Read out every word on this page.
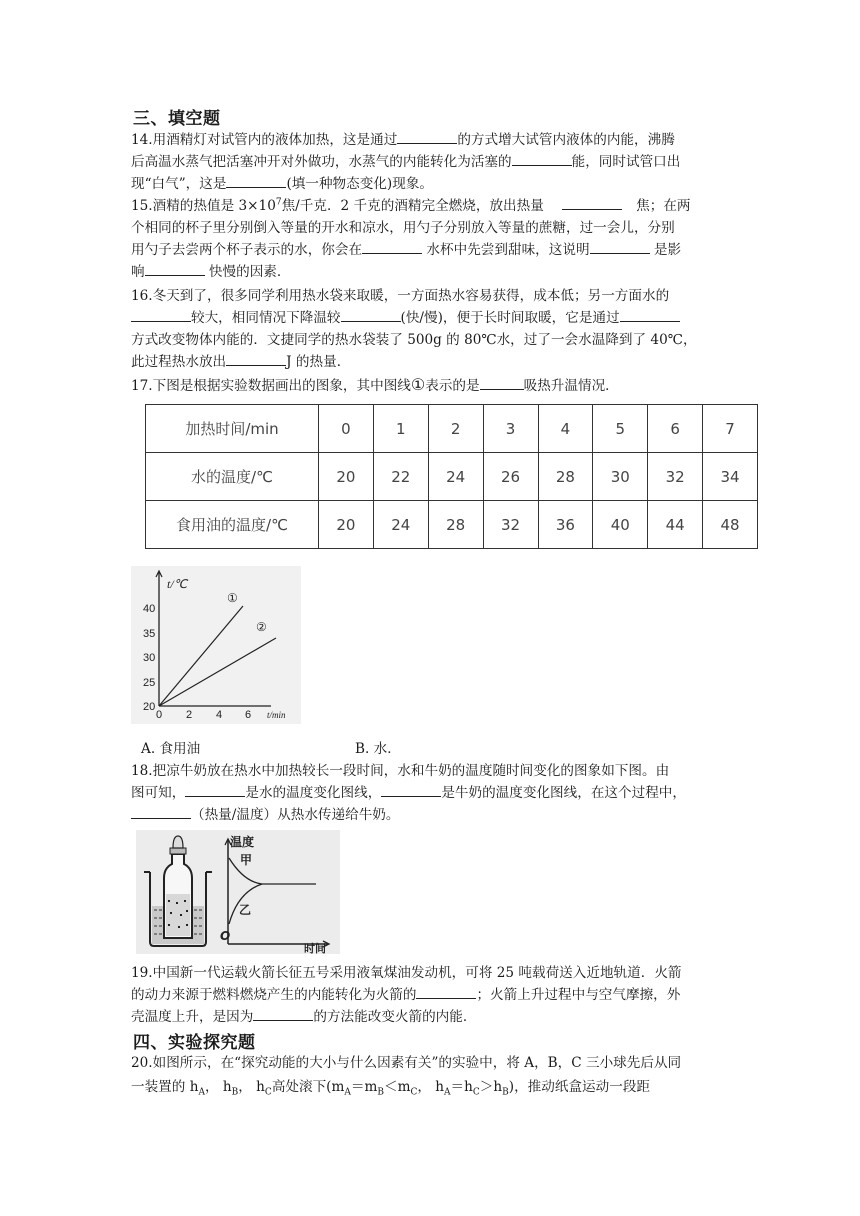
三、填空题
14.用酒精灯对试管内的液体加热，这是通过	的方式增大试管内液体的内能，沸腾
后高温水蒸气把活塞冲开对外做功，水蒸气的内能转化为活塞的	能，同时试管口出
现“白气”，这是	(填一种物态变化)现象。
15.酒精的热值是 $3\times 10^7$焦/千克．2 千克的酒精完全燃烧，放出热量	焦；在两
个相同的杯子里分别倒入等量的开水和凉水，用勺子分别放入等量的蔗糖，过一会儿，分别
用勺子去尝两个杯子表示的水，你会在	水杯中先尝到甜味，这说明	是影
响	快慢的因素．
16.冬天到了，很多同学利用热水袋来取暖，一方面热水容易获得，成本低；另一方面水的
较大，相同情况下降温较	(快/慢)，便于长时间取暖，它是通过
方式改变物体内能的．文捷同学的热水袋装了 500g 的 80℃水，过了一会水温降到了 40℃，
此过程热水放出	J 的热量．
17.下图是根据实验数据画出的图象，其中图线①表示的是	吸热升温情况．
加热时间/min	0	1	2	3	4	5	6	7
水的温度/℃	20	22	24	26	28	30	32	34
食用油的温度/℃	20	24	28	32	36	40	44	48
t/℃
t/min
40
35
30
25
20
0 2 4 6
①
②
A. 食用油	B. 水．
18.把凉牛奶放在热水中加热较长一段时间，水和牛奶的温度随时间变化的图象如下图。由
图可知，	是水的温度变化图线，	是牛奶的温度变化图线，在这个过程中，
（热量/温度）从热水传递给牛奶。
温度
甲
乙
O
时间
19.中国新一代运载火箭长征五号采用液氧煤油发动机，可将 25 吨载荷送入近地轨道．火箭
的动力来源于燃料燃烧产生的内能转化为火箭的	；火箭上升过程中与空气摩擦，外
壳温度上升，是因为	的方法能改变火箭的内能．
四、实验探究题
20.如图所示，在“探究动能的大小与什么因素有关”的实验中，将 A，B，C 三小球先后从同
一装置的 $h_A$， $h_B$， $h_C$高处滚下($m_A=m_B<m_C$， $h_A=h_C>h_B$)，推动纸盒运动一段距
